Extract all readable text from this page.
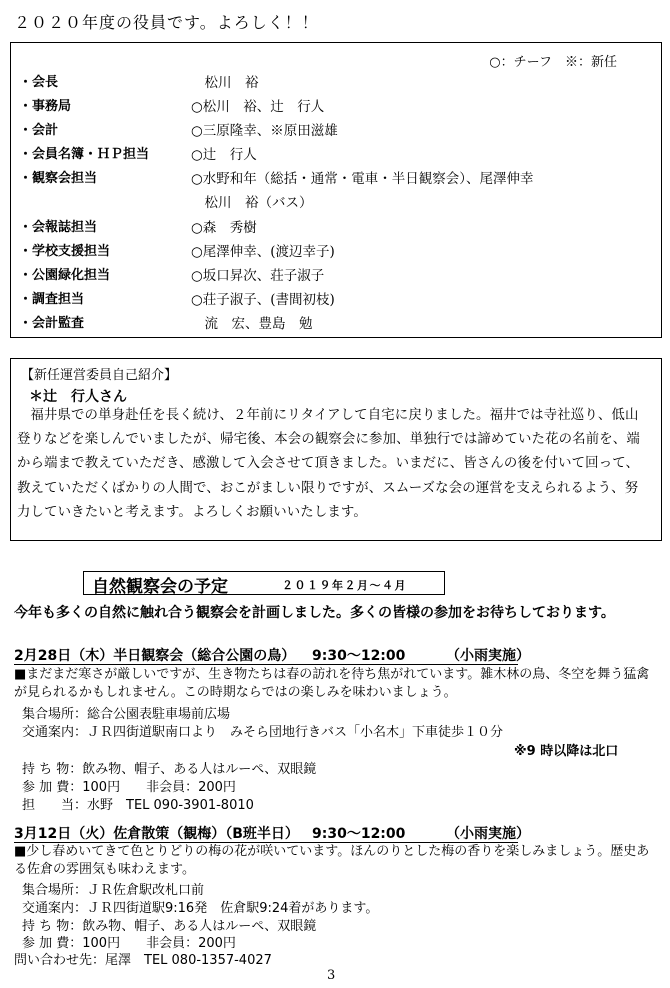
２０２０年度の役員です。よろしく！！
○：チーフ　※：新任
・会長	　松川　裕
・事務局	○松川　裕、辻　行人
・会計	○三原隆幸、※原田滋雄
・会員名簿・ＨＰ担当	○辻　行人
・観察会担当	○水野和年（総括・通常・電車・半日観察会）、尾澤伸幸
　松川　裕（バス）
・会報誌担当	○森　秀樹
・学校支援担当	○尾澤伸幸、(渡辺幸子)
・公園緑化担当	○坂口昇次、荘子淑子
・調査担当	○荘子淑子、(書間初枝)
・会計監査	　流　宏、豊島　勉
【新任運営委員自己紹介】
＊辻　行人さん

福井県での単身赴任を長く続け、２年前にリタイアして自宅に戻りました。福井では寺社巡り、低山登りなどを楽しんでいましたが、帰宅後、本会の観察会に参加、単独行では諦めていた花の名前を、端から端まで教えていただき、感激して入会させて頂きました。いまだに、皆さんの後を付いて回って、教えていただくばかりの人間で、おこがましい限りですが、スムーズな会の運営を支えられるよう、努力していきたいと考えます。よろしくお願いいたします。

自然観察会の予定	２０１９年２月～４月

今年も多くの自然に触れ合う観察会を計画しました。多くの皆様の参加をお待ちしております。

2月28日（木）半日観察会（総合公園の鳥） 9:30～12:00	（小雨実施）

■まだまだ寒さが厳しいですが、生き物たちは春の訪れを待ち焦がれています。雑木林の鳥、冬空を舞う猛禽が見られるかもしれません。この時期ならではの楽しみを味わいましょう。

集合場所：総合公園表駐車場前広場
交通案内：ＪＲ四街道駅南口より　みそら団地行きバス「小名木」下車徒歩１０分
※9 時以降は北口
持 ち 物：飲み物、帽子、ある人はルーペ、双眼鏡
参 加 費：100円　　非会員：200円
担　　当：水野　TEL 090-3901-8010
3月12日（火）佐倉散策（観梅）（B班半日） 9:30～12:00	（小雨実施）

■少し春めいてきて色とりどりの梅の花が咲いています。ほんのりとした梅の香りを楽しみましょう。歴史ある佐倉の雰囲気も味わえます。

集合場所：ＪＲ佐倉駅改札口前
交通案内：ＪＲ四街道駅9:16発　佐倉駅9:24着があります。
持 ち 物：飲み物、帽子、ある人はルーペ、双眼鏡
参 加 費：100円　　非会員：200円
問い合わせ先：尾澤　TEL 080-1357-4027
3
